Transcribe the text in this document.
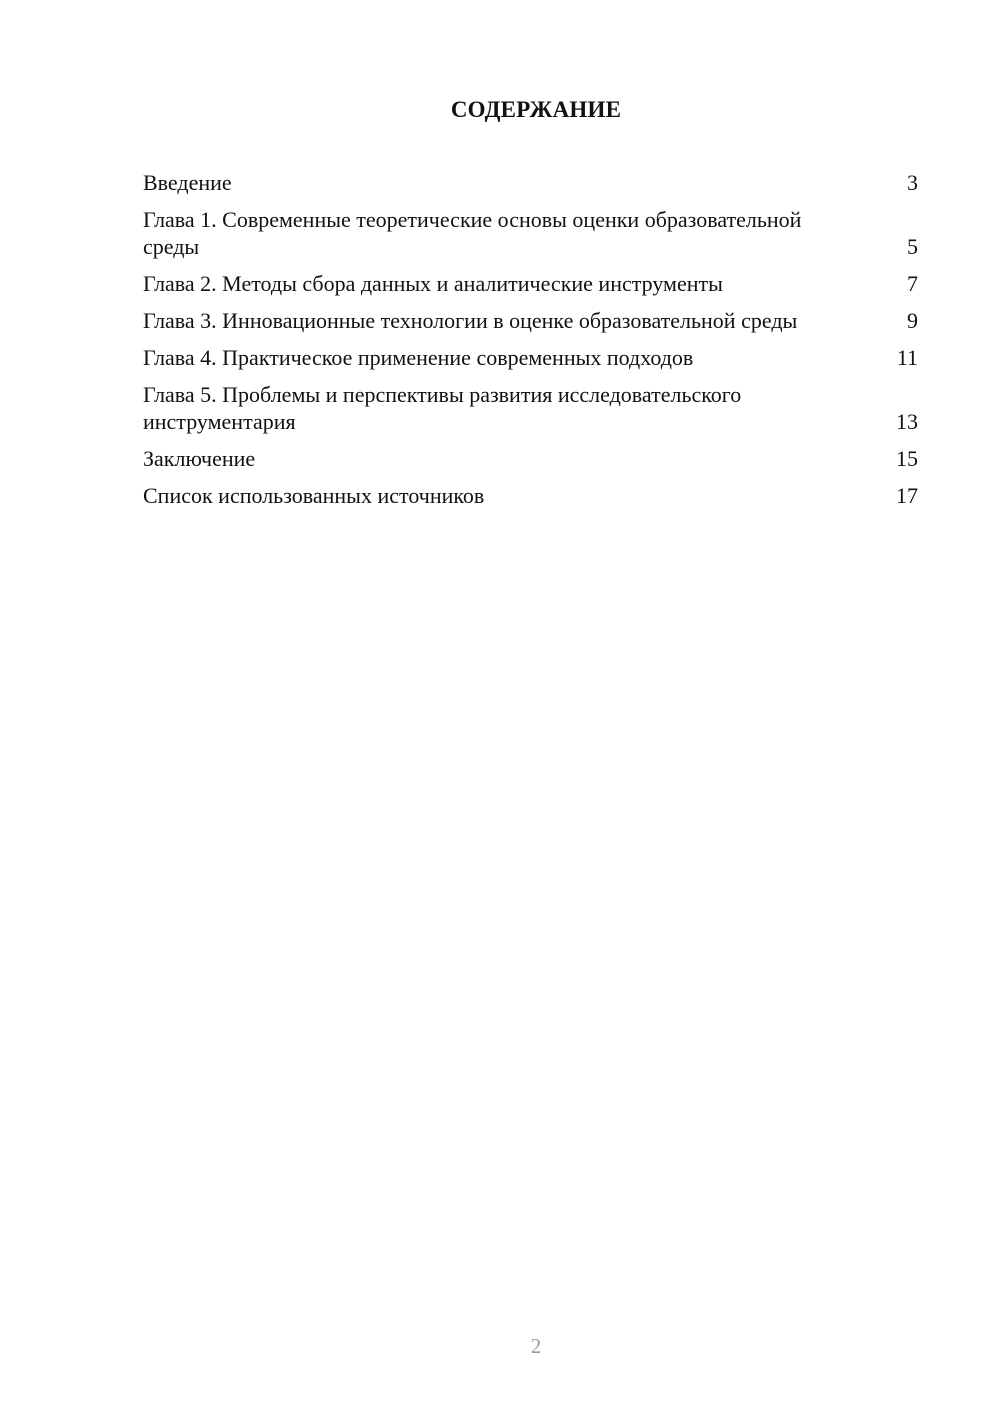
СОДЕРЖАНИЕ
Введение	3
Глава 1. Современные теоретические основы оценки образовательной среды	5
Глава 2. Методы сбора данных и аналитические инструменты	7
Глава 3. Инновационные технологии в оценке образовательной среды	9
Глава 4. Практическое применение современных подходов	11
Глава 5. Проблемы и перспективы развития исследовательского инструментария	13
Заключение	15
Список использованных источников	17
2
